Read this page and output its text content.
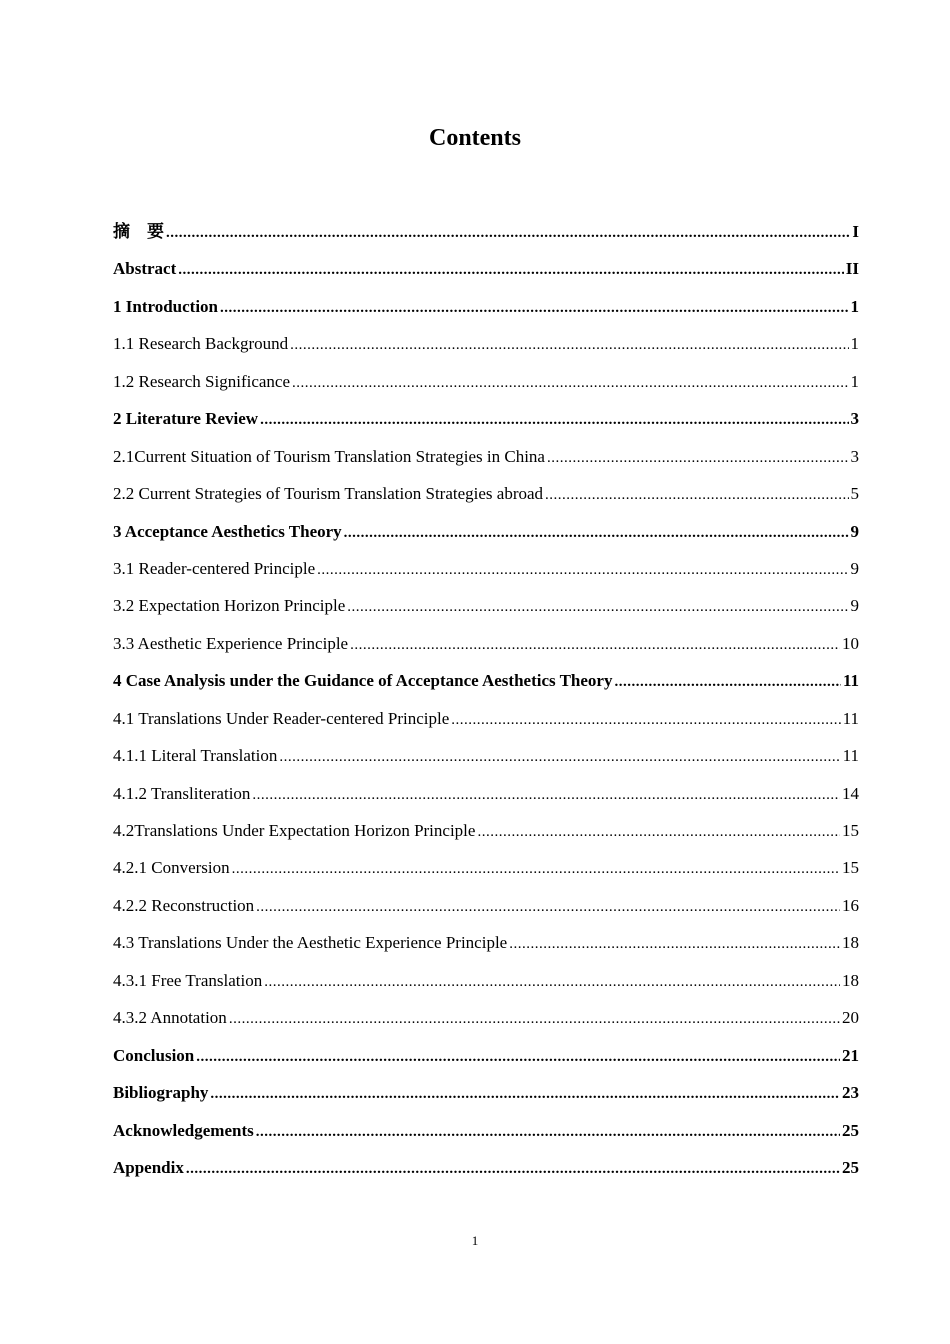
Contents
摘　要 .....	I
Abstract .....	II
1 Introduction .....	1
1.1 Research Background .....	1
1.2 Research Significance .....	1
2 Literature Review .....	3
2.1Current Situation of Tourism Translation Strategies in China .....	3
2.2 Current Strategies of Tourism Translation Strategies abroad .....	5
3 Acceptance Aesthetics Theory .....	9
3.1 Reader-centered Principle .....	9
3.2 Expectation Horizon Principle .....	9
3.3 Aesthetic Experience Principle .....	10
4 Case Analysis under the Guidance of Acceptance Aesthetics Theory .....	11
4.1 Translations Under Reader-centered Principle .....	11
4.1.1 Literal Translation .....	11
4.1.2 Transliteration .....	14
4.2Translations Under Expectation Horizon Principle .....	15
4.2.1 Conversion .....	15
4.2.2 Reconstruction .....	16
4.3 Translations Under the Aesthetic Experience Principle .....	18
4.3.1 Free Translation .....	18
4.3.2 Annotation .....	20
Conclusion .....	21
Bibliography .....	23
Acknowledgements .....	25
Appendix .....	25
1
